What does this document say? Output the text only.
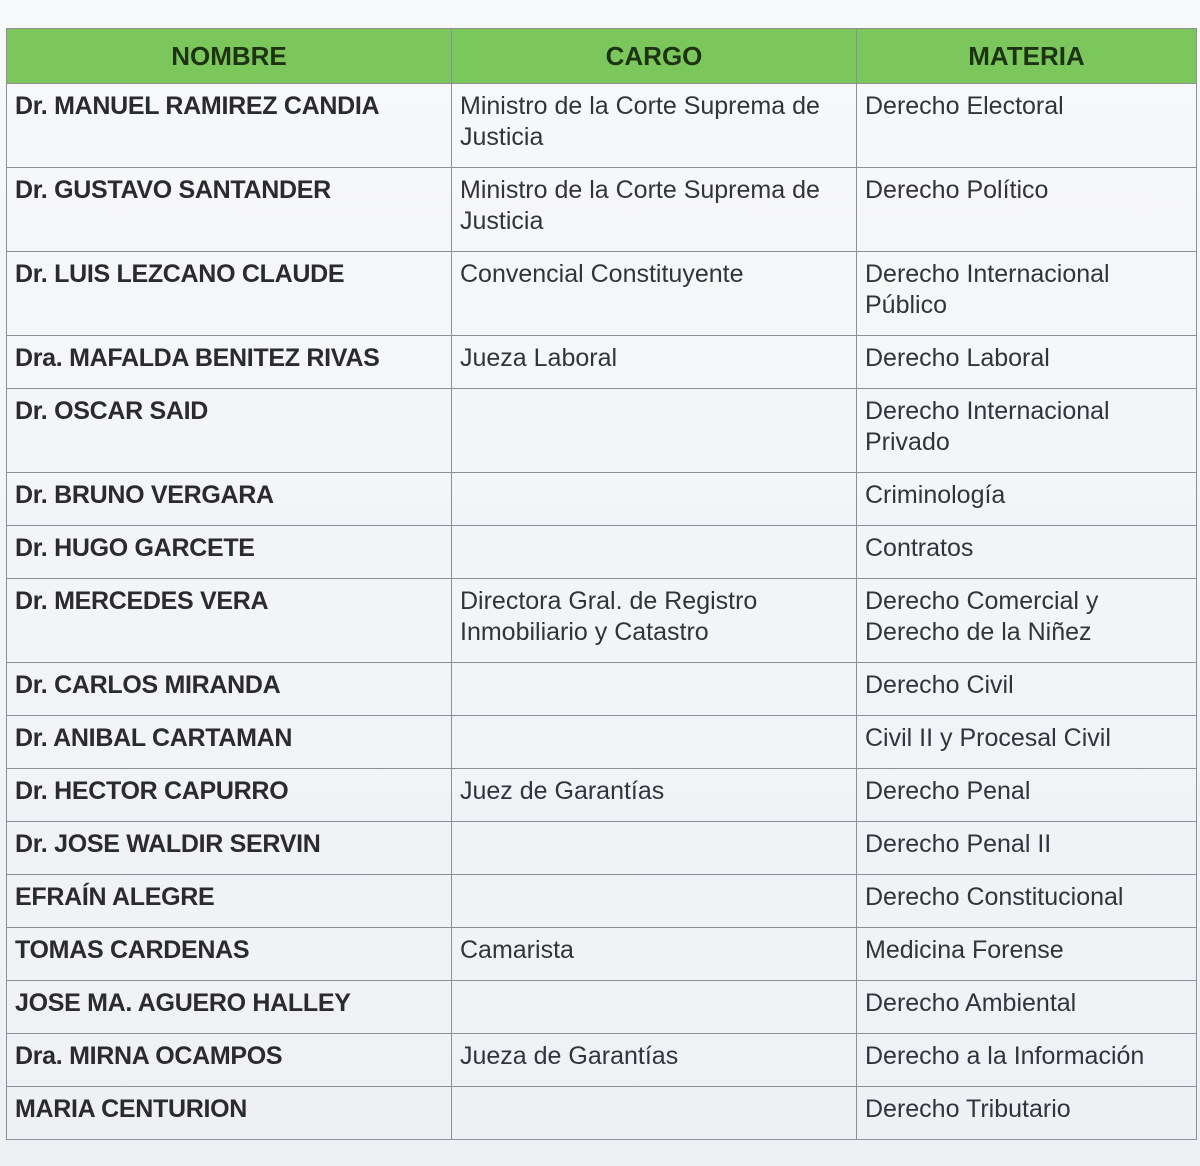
NOMBRE	CARGO	MATERIA
Dr. MANUEL RAMIREZ CANDIA	Ministro de la Corte Suprema de Justicia	Derecho Electoral
Dr. GUSTAVO SANTANDER	Ministro de la Corte Suprema de Justicia	Derecho Político
Dr. LUIS LEZCANO CLAUDE	Convencial Constituyente	Derecho Internacional Público
Dra. MAFALDA BENITEZ RIVAS	Jueza Laboral	Derecho Laboral
Dr. OSCAR SAID		Derecho Internacional Privado
Dr. BRUNO VERGARA		Criminología
Dr. HUGO GARCETE		Contratos
Dr. MERCEDES VERA	Directora Gral. de Registro Inmobiliario y Catastro	Derecho Comercial y Derecho de la Niñez
Dr. CARLOS MIRANDA		Derecho Civil
Dr. ANIBAL CARTAMAN		Civil II y Procesal Civil
Dr. HECTOR CAPURRO	Juez de Garantías	Derecho Penal
Dr. JOSE WALDIR SERVIN		Derecho Penal II
EFRAÍN ALEGRE		Derecho Constitucional
TOMAS CARDENAS	Camarista	Medicina Forense
JOSE MA. AGUERO HALLEY		Derecho Ambiental
Dra. MIRNA OCAMPOS	Jueza de Garantías	Derecho a la Información
MARIA CENTURION		Derecho Tributario
